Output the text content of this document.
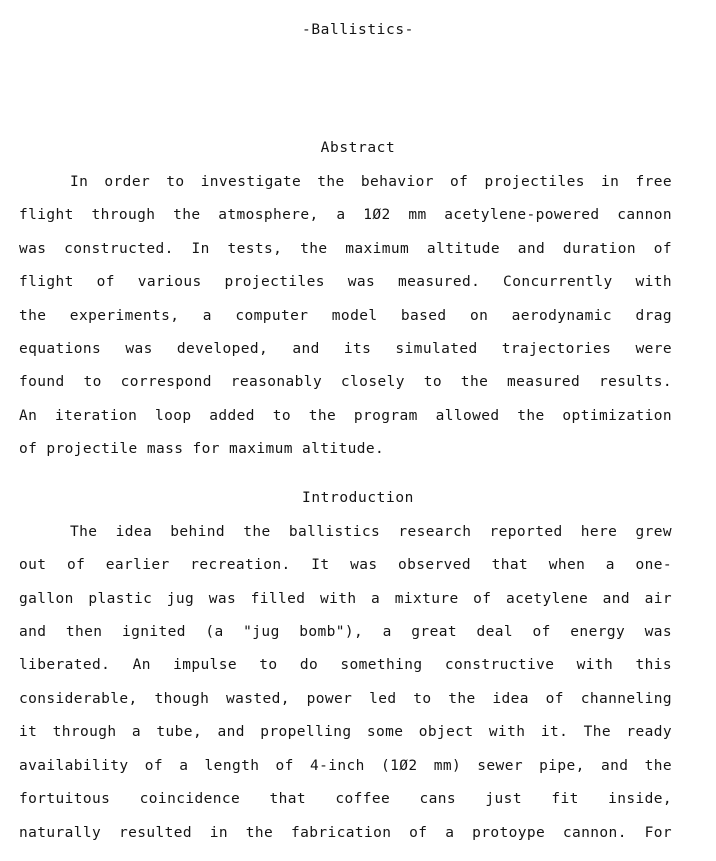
-Ballistics-
Abstract
In order to investigate the behavior of projectiles in free
flight through the atmosphere, a 1Ø2 mm acetylene-powered cannon
was constructed. In tests, the maximum altitude and duration of
flight of various projectiles was measured. Concurrently with
the experiments, a computer model based on aerodynamic drag
equations was developed, and its simulated trajectories were
found to correspond reasonably closely to the measured results.
An iteration loop added to the program allowed the optimization
of projectile mass for maximum altitude.
Introduction
The idea behind the ballistics research reported here grew
out of earlier recreation. It was observed that when a one-
gallon plastic jug was filled with a mixture of acetylene and air
and then ignited (a "jug bomb"), a great deal of energy was
liberated. An impulse to do something constructive with this
considerable, though wasted, power led to the idea of channeling
it through a tube, and propelling some object with it. The ready
availability of a length of 4-inch (1Ø2 mm) sewer pipe, and the
fortuitous coincidence that coffee cans just fit inside,
naturally resulted in the fabrication of a protoype cannon. For
